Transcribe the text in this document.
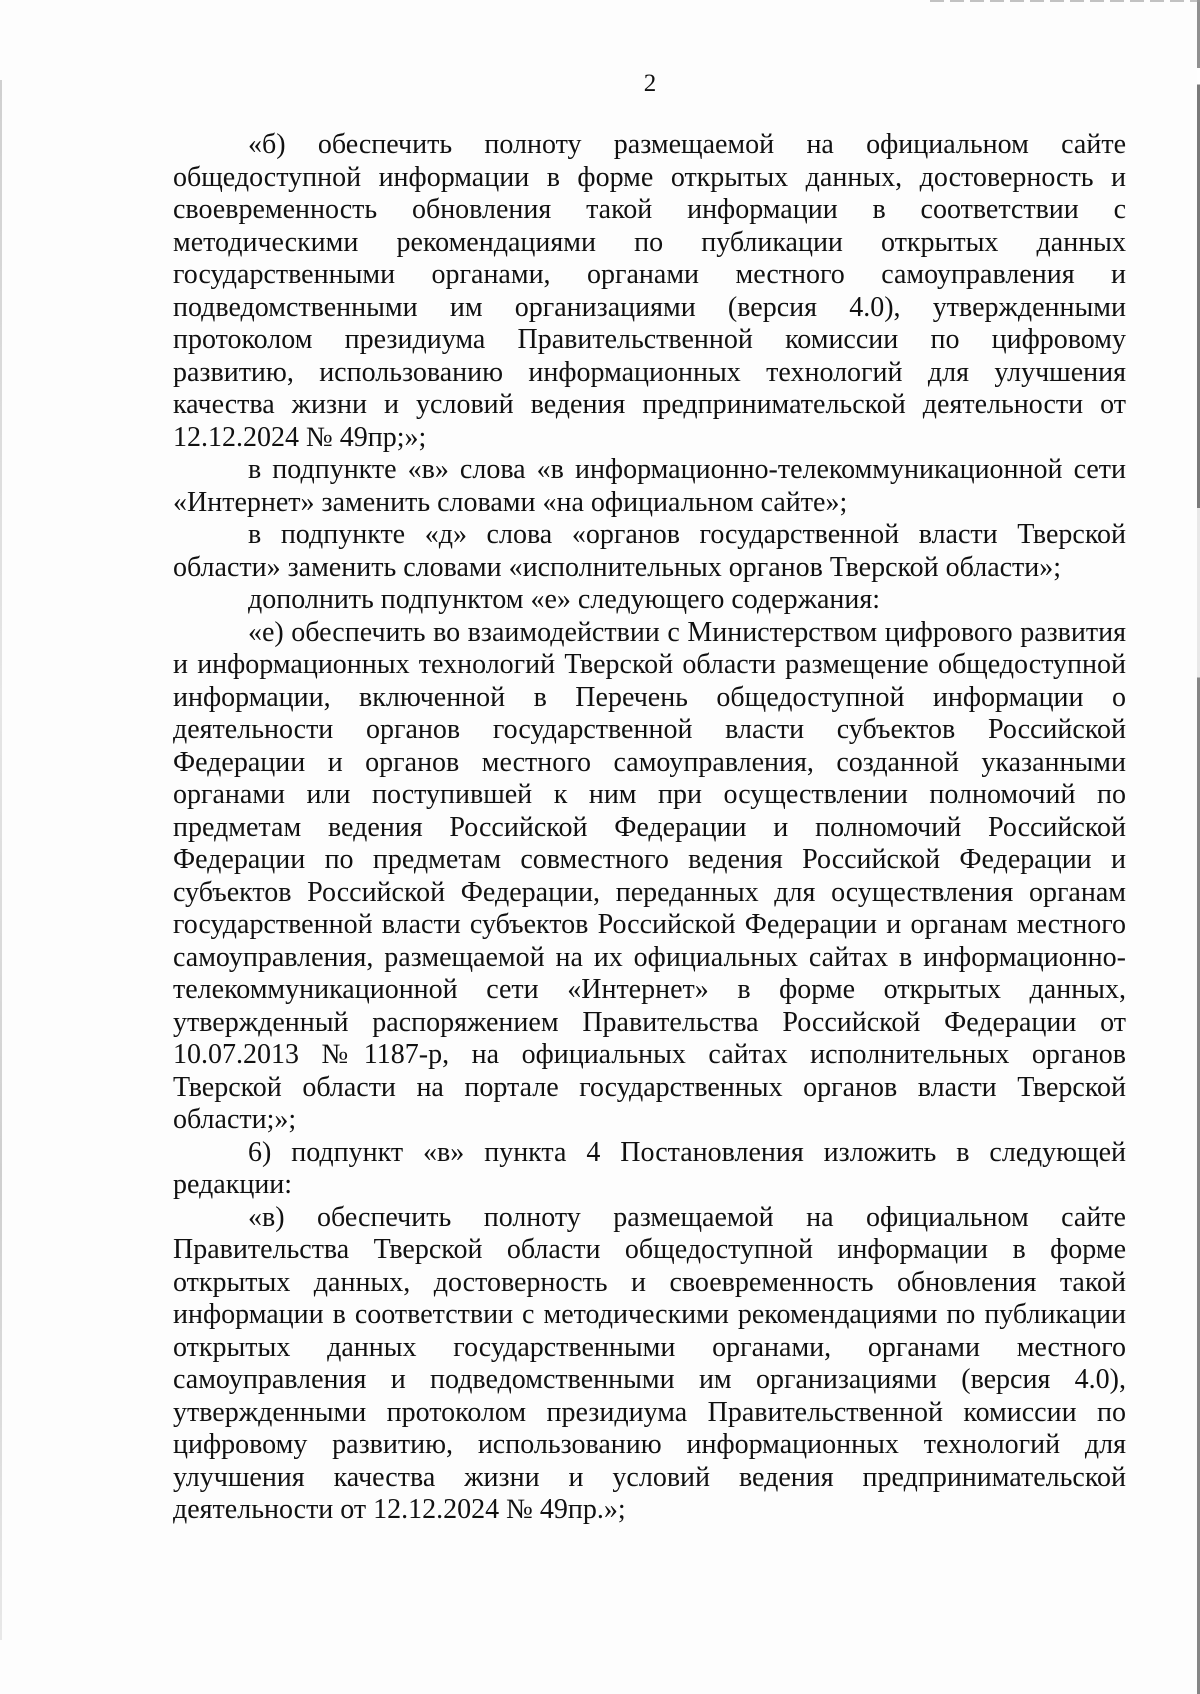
2

«б) обеспечить полноту размещаемой на официальном сайте общедоступной информации в форме открытых данных, достоверность и своевременность обновления такой информации в соответствии с методическими рекомендациями по публикации открытых данных государственными органами, органами местного самоуправления и подведомственными им организациями (версия 4.0), утвержденными протоколом президиума Правительственной комиссии по цифровому развитию, использованию информационных технологий для улучшения качества жизни и условий ведения предпринимательской деятельности от 12.12.2024 № 49пр;»;

в подпункте «в» слова «в информационно-телекоммуникационной сети «Интернет» заменить словами «на официальном сайте»;

в подпункте «д» слова «органов государственной власти Тверской области» заменить словами «исполнительных органов Тверской области»;

дополнить подпунктом «е» следующего содержания:

«е) обеспечить во взаимодействии с Министерством цифрового развития и информационных технологий Тверской области размещение общедоступной информации, включенной в Перечень общедоступной информации о деятельности органов государственной власти субъектов Российской Федерации и органов местного самоуправления, созданной указанными органами или поступившей к ним при осуществлении полномочий по предметам ведения Российской Федерации и полномочий Российской Федерации по предметам совместного ведения Российской Федерации и субъектов Российской Федерации, переданных для осуществления органам государственной власти субъектов Российской Федерации и органам местного самоуправления, размещаемой на их официальных сайтах в информационно-телекоммуникационной сети «Интернет» в форме открытых данных, утвержденный распоряжением Правительства Российской Федерации от 10.07.2013 №1187-р, на официальных сайтах исполнительных органов Тверской области на портале государственных органов власти Тверской области;»;

6) подпункт «в» пункта 4 Постановления изложить в следующей редакции:

«в) обеспечить полноту размещаемой на официальном сайте Правительства Тверской области общедоступной информации в форме открытых данных, достоверность и своевременность обновления такой информации в соответствии с методическими рекомендациями по публикации открытых данных государственными органами, органами местного самоуправления и подведомственными им организациями (версия 4.0), утвержденными протоколом президиума Правительственной комиссии по цифровому развитию, использованию информационных технологий для улучшения качества жизни и условий ведения предпринимательской деятельности от 12.12.2024 № 49пр.»;
